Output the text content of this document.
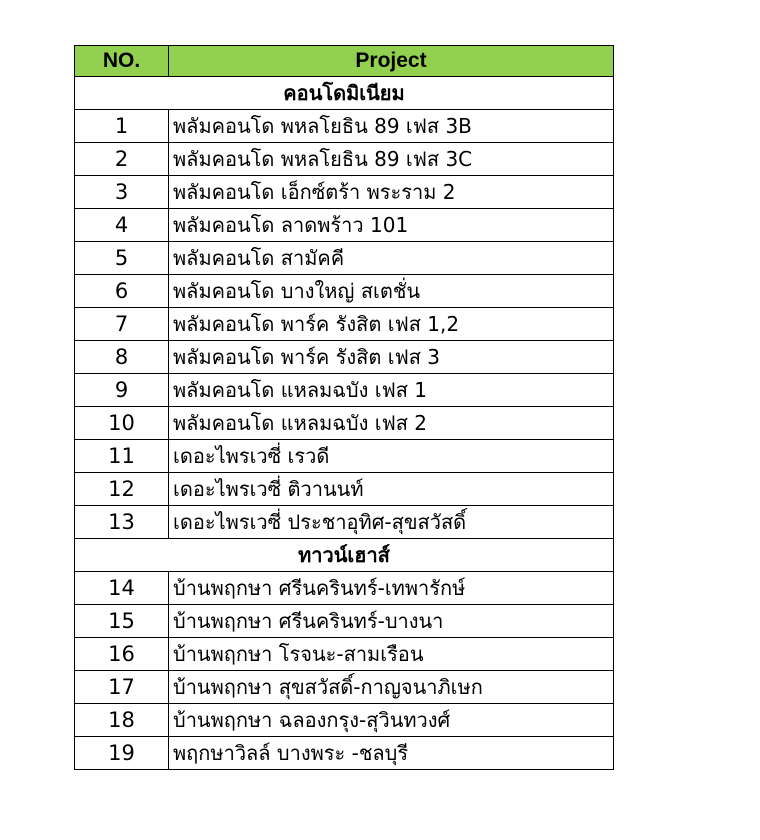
NO.	Project
คอนโดมิเนียม	
1	พลัมคอนโด พหลโยธิน 89 เฟส 3B
2	พลัมคอนโด พหลโยธิน 89 เฟส 3C
3	พลัมคอนโด เอ็กซ์ตร้า พระราม 2
4	พลัมคอนโด ลาดพร้าว 101
5	พลัมคอนโด สามัคคี
6	พลัมคอนโด บางใหญ่ สเตชั่น
7	พลัมคอนโด พาร์ค รังสิต เฟส 1,2
8	พลัมคอนโด พาร์ค รังสิต เฟส 3
9	พลัมคอนโด แหลมฉบัง เฟส 1
10	พลัมคอนโด แหลมฉบัง เฟส 2
11	เดอะไพรเวซี่ เรวดี
12	เดอะไพรเวซี่ ติวานนท์
13	เดอะไพรเวซี่ ประชาอุทิศ-สุขสวัสดิ์
ทาวน์เฮาส์	
14	บ้านพฤกษา ศรีนครินทร์-เทพารักษ์
15	บ้านพฤกษา ศรีนครินทร์-บางนา
16	บ้านพฤกษา โรจนะ-สามเรือน
17	บ้านพฤกษา สุขสวัสดิ์-กาญจนาภิเษก
18	บ้านพฤกษา ฉลองกรุง-สุวินทวงศ์
19	พฤกษาวิลล์ บางพระ -ชลบุรี
